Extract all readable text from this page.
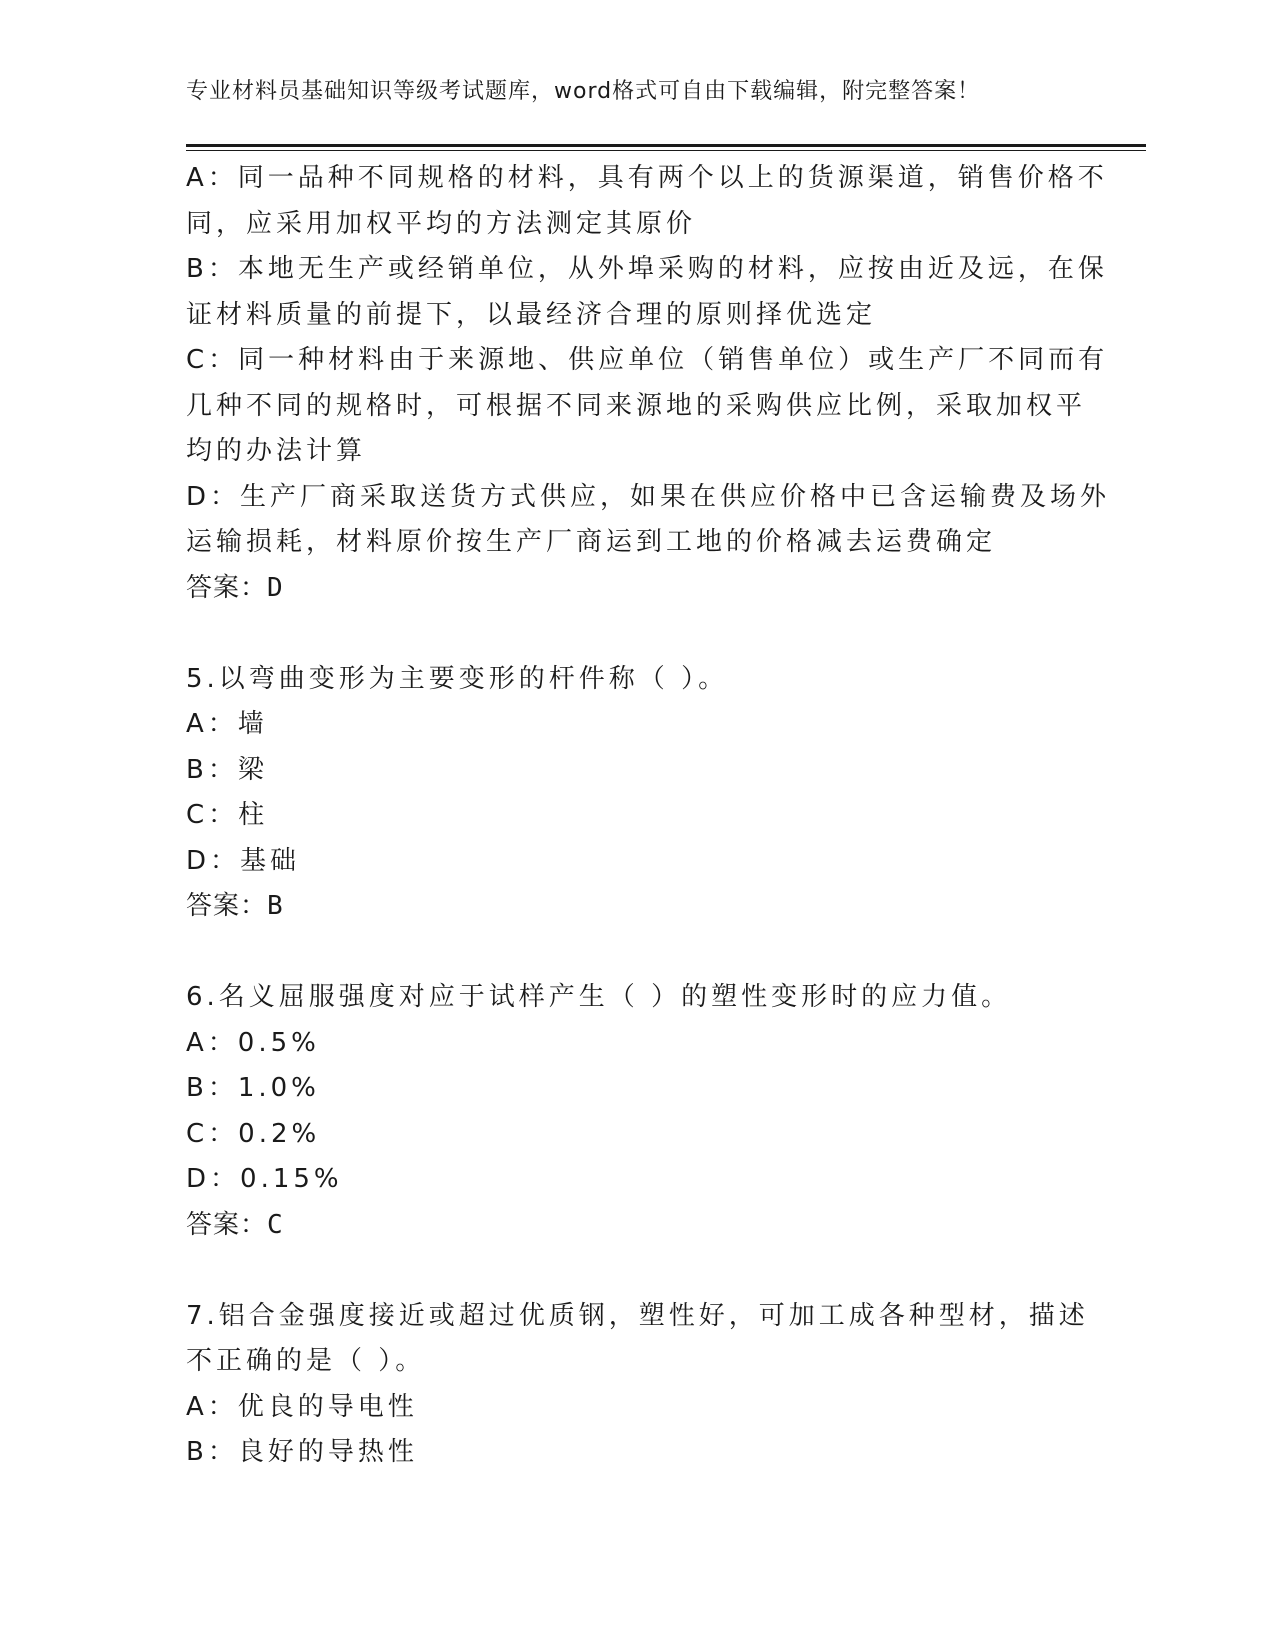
专业材料员基础知识等级考试题库，word格式可自由下载编辑，附完整答案！
A：同一品种不同规格的材料，具有两个以上的货源渠道，销售价格不
同，应采用加权平均的方法测定其原价
B：本地无生产或经销单位，从外埠采购的材料，应按由近及远，在保
证材料质量的前提下，以最经济合理的原则择优选定
C：同一种材料由于来源地、供应单位（销售单位）或生产厂不同而有
几种不同的规格时，可根据不同来源地的采购供应比例，采取加权平
均的办法计算
D：生产厂商采取送货方式供应，如果在供应价格中已含运输费及场外
运输损耗，材料原价按生产厂商运到工地的价格减去运费确定
答案：D
5.以弯曲变形为主要变形的杆件称（ ）。
A：墙
B：梁
C：柱
D：基础
答案：B
6.名义屈服强度对应于试样产生（ ）的塑性变形时的应力值。
A：0.5%
B：1.0%
C：0.2%
D：0.15%
答案：C
7.铝合金强度接近或超过优质钢，塑性好，可加工成各种型材，描述
不正确的是（ ）。
A：优良的导电性
B：良好的导热性
